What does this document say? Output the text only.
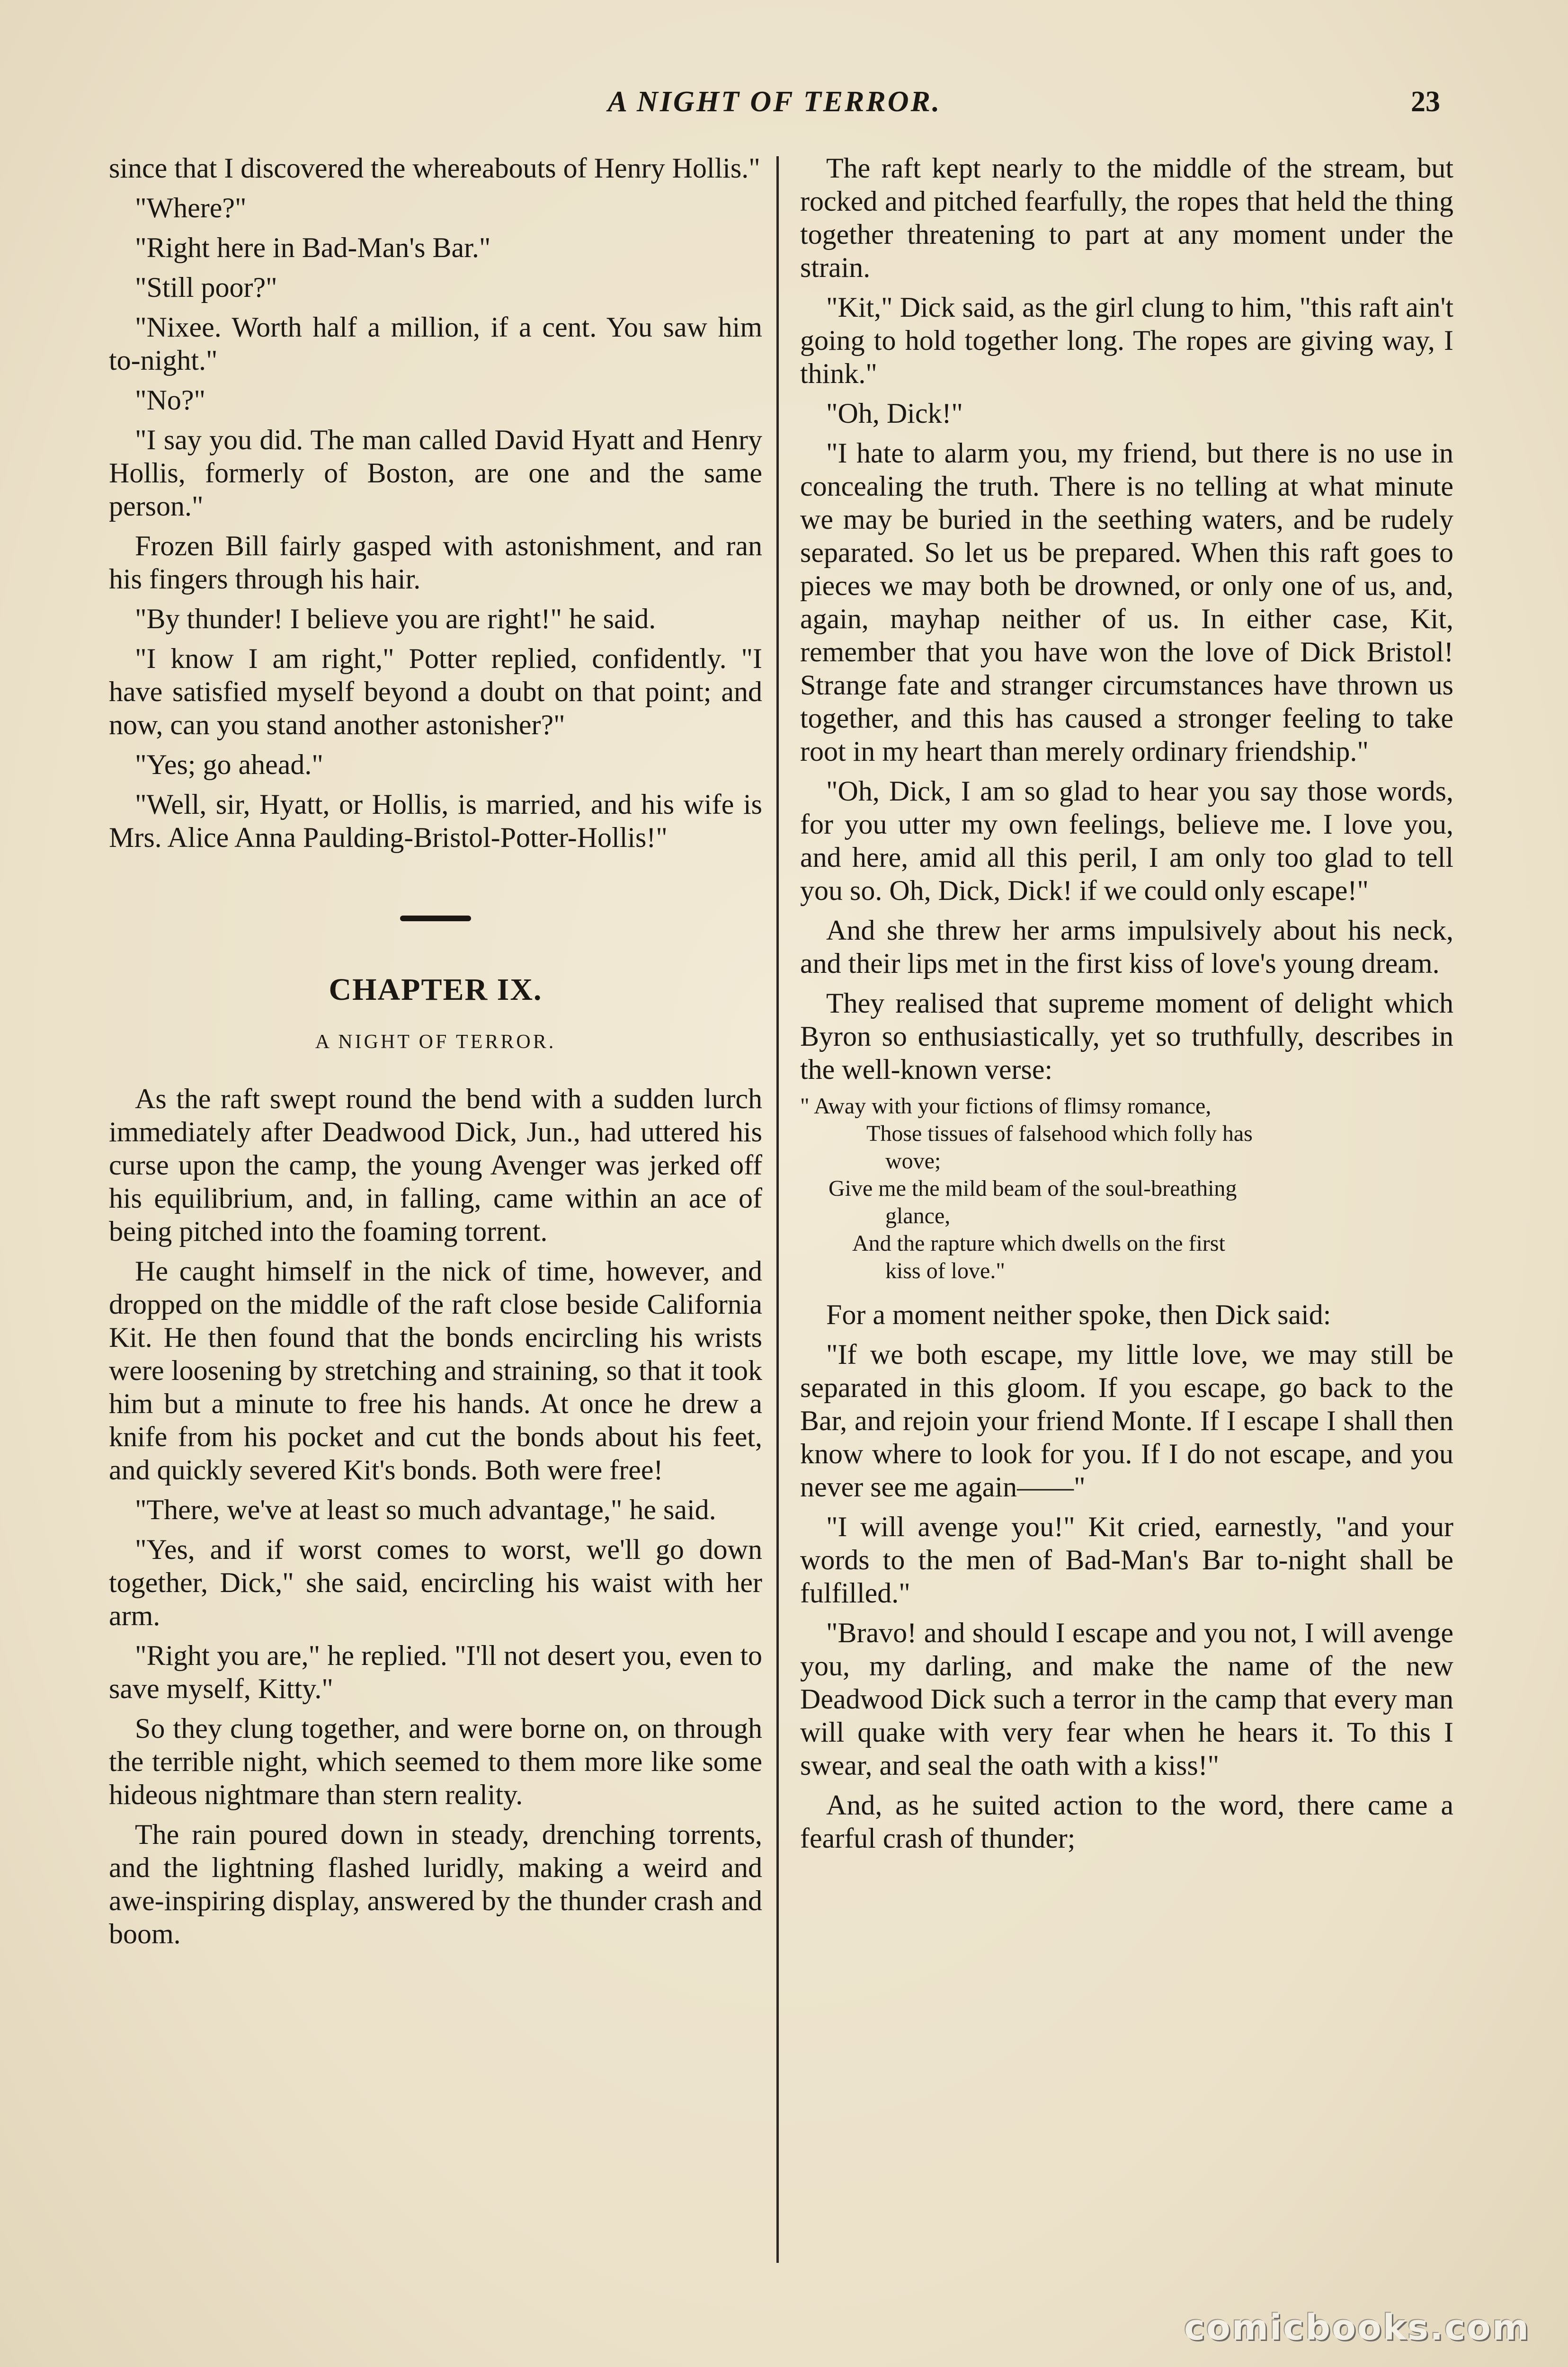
A NIGHT OF TERROR.	23

since that I discovered the whereabouts of Henry Hollis."

"Where?"

"Right here in Bad-Man's Bar."

"Still poor?"

"Nixee. Worth half a million, if a cent. You saw him to-night."

"No?"

"I say you did. The man called David Hyatt and Henry Hollis, formerly of Boston, are one and the same person."

Frozen Bill fairly gasped with astonishment, and ran his fingers through his hair.

"By thunder! I believe you are right!" he said.

"I know I am right," Potter replied, confidently. "I have satisfied myself beyond a doubt on that point; and now, can you stand another astonisher?"

"Yes; go ahead."

"Well, sir, Hyatt, or Hollis, is married, and his wife is Mrs. Alice Anna Paulding-Bristol-Potter-Hollis!"

CHAPTER IX.
A NIGHT OF TERROR.

As the raft swept round the bend with a sudden lurch immediately after Deadwood Dick, Jun., had uttered his curse upon the camp, the young Avenger was jerked off his equilibrium, and, in falling, came within an ace of being pitched into the foaming torrent.

He caught himself in the nick of time, however, and dropped on the middle of the raft close beside California Kit. He then found that the bonds encircling his wrists were loosening by stretching and straining, so that it took him but a minute to free his hands. At once he drew a knife from his pocket and cut the bonds about his feet, and quickly severed Kit's bonds. Both were free!

"There, we've at least so much advantage," he said.

"Yes, and if worst comes to worst, we'll go down together, Dick," she said, encircling his waist with her arm.

"Right you are," he replied. "I'll not desert you, even to save myself, Kitty."

So they clung together, and were borne on, on through the terrible night, which seemed to them more like some hideous nightmare than stern reality.

The rain poured down in steady, drenching torrents, and the lightning flashed luridly, making a weird and awe-inspiring display, answered by the thunder crash and boom.

The raft kept nearly to the middle of the stream, but rocked and pitched fearfully, the ropes that held the thing together threatening to part at any moment under the strain.

"Kit," Dick said, as the girl clung to him, "this raft ain't going to hold together long. The ropes are giving way, I think."

"Oh, Dick!"

"I hate to alarm you, my friend, but there is no use in concealing the truth. There is no telling at what minute we may be buried in the seething waters, and be rudely separated. So let us be prepared. When this raft goes to pieces we may both be drowned, or only one of us, and, again, mayhap neither of us. In either case, Kit, remember that you have won the love of Dick Bristol! Strange fate and stranger circumstances have thrown us together, and this has caused a stronger feeling to take root in my heart than merely ordinary friendship."

"Oh, Dick, I am so glad to hear you say those words, for you utter my own feelings, believe me. I love you, and here, amid all this peril, I am only too glad to tell you so. Oh, Dick, Dick! if we could only escape!"

And she threw her arms impulsively about his neck, and their lips met in the first kiss of love's young dream.

They realised that supreme moment of delight which Byron so enthusiastically, yet so truthfully, describes in the well-known verse:

" Away with your fictions of flimsy romance,
Those tissues of falsehood which folly has
wove;
Give me the mild beam of the soul-breathing
glance,
And the rapture which dwells on the first
kiss of love."

For a moment neither spoke, then Dick said:

"If we both escape, my little love, we may still be separated in this gloom. If you escape, go back to the Bar, and rejoin your friend Monte. If I escape I shall then know where to look for you. If I do not escape, and you never see me again——"

"I will avenge you!" Kit cried, earnestly, "and your words to the men of Bad-Man's Bar to-night shall be fulfilled."

"Bravo! and should I escape and you not, I will avenge you, my darling, and make the name of the new Deadwood Dick such a terror in the camp that every man will quake with very fear when he hears it. To this I swear, and seal the oath with a kiss!"

And, as he suited action to the word, there came a fearful crash of thunder;

comicbooks.com
